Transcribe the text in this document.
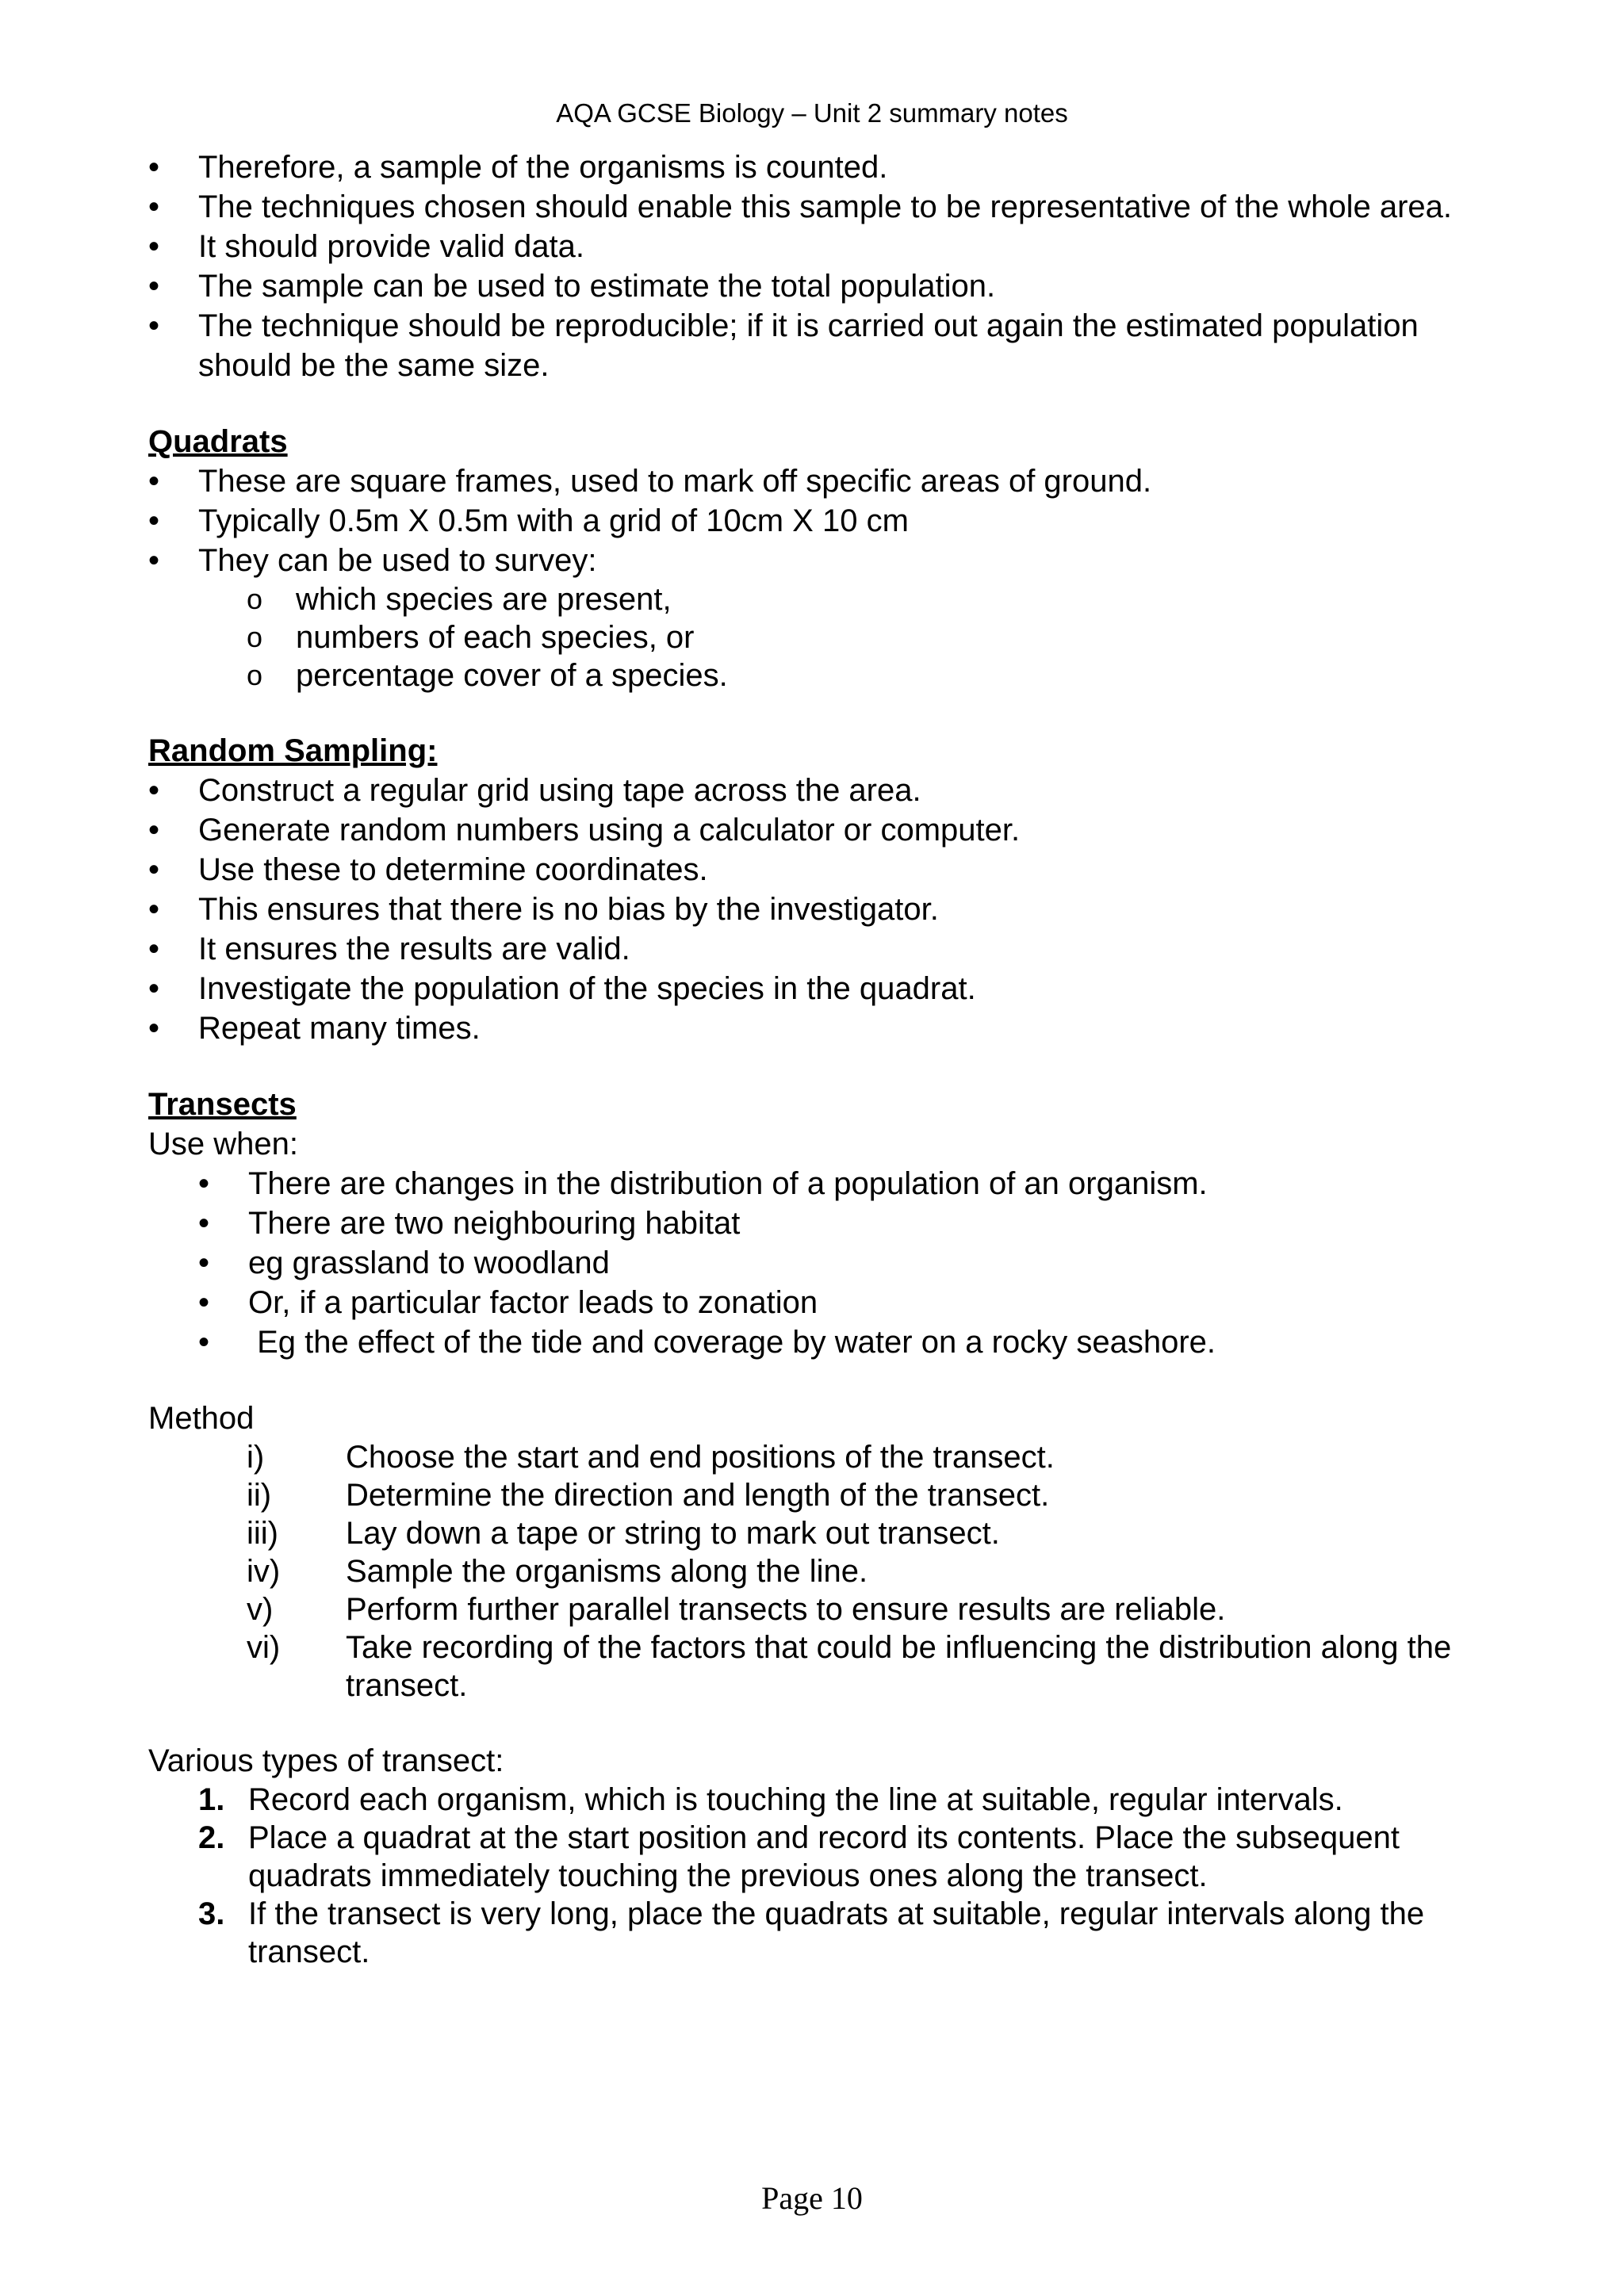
AQA GCSE Biology – Unit 2 summary notes
• Therefore, a sample of the organisms is counted.
• The techniques chosen should enable this sample to be representative of the whole area.
• It should provide valid data.
• The sample can be used to estimate the total population.
• The technique should be reproducible; if it is carried out again the estimated population should be the same size.
Quadrats
• These are square frames, used to mark off specific areas of ground.
• Typically 0.5m X 0.5m with a grid of 10cm X 10 cm
• They can be used to survey:
o which species are present,
o numbers of each species, or
o percentage cover of a species.
Random Sampling:
• Construct a regular grid using tape across the area.
• Generate random numbers using a calculator or computer.
• Use these to determine coordinates.
• This ensures that there is no bias by the investigator.
• It ensures the results are valid.
• Investigate the population of the species in the quadrat.
• Repeat many times.
Transects
Use when:
• There are changes in the distribution of a population of an organism.
• There are two neighbouring habitat
• eg grassland to woodland
• Or, if a particular factor leads to zonation
•  Eg the effect of the tide and coverage by water on a rocky seashore.
Method
i)	Choose the start and end positions of the transect.
ii) Determine the direction and length of the transect.
iii) Lay down a tape or string to mark out transect.
iv) Sample the organisms along the line.
v) Perform further parallel transects to ensure results are reliable.
vi) Take recording of the factors that could be influencing the distribution along the transect.
Various types of transect:
1. Record each organism, which is touching the line at suitable, regular intervals.
2. Place a quadrat at the start position and record its contents. Place the subsequent quadrats immediately touching the previous ones along the transect.
3. If the transect is very long, place the quadrats at suitable, regular intervals along the transect.
Page 10
